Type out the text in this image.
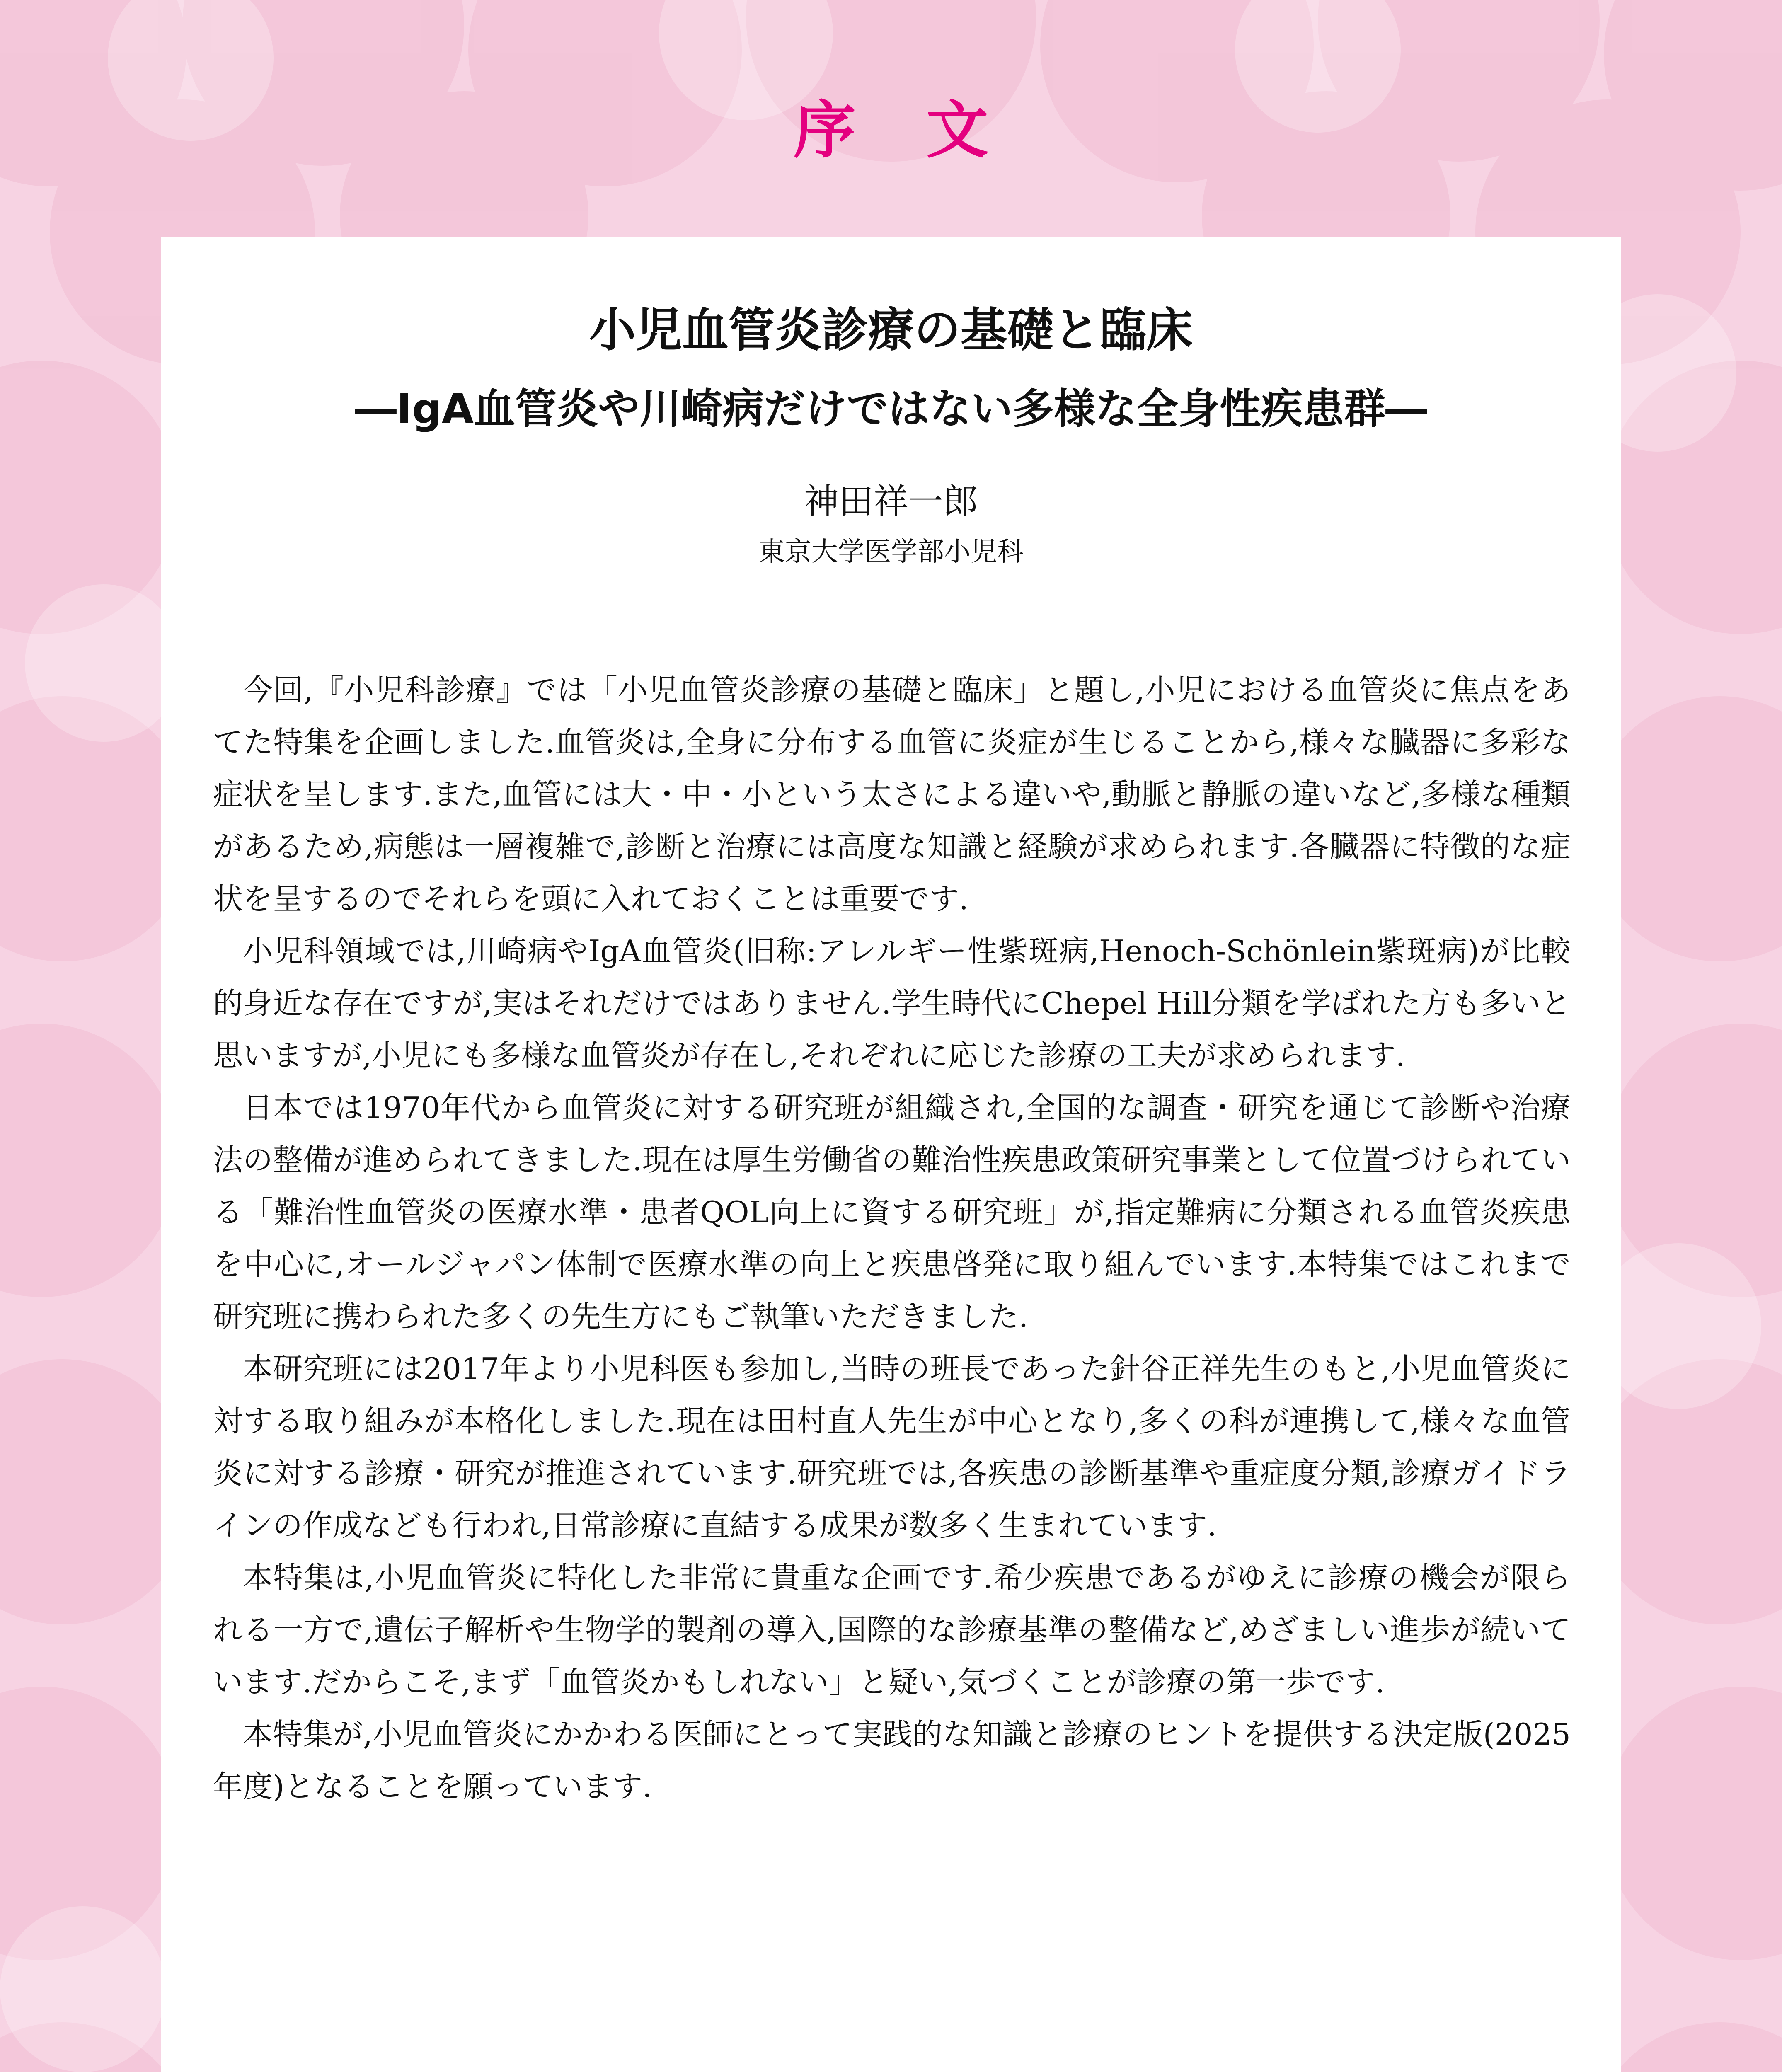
序文
小児血管炎診療の基礎と臨床
―IgA血管炎や川崎病だけではない多様な全身性疾患群―
神田祥一郎
東京大学医学部小児科

今回,『小児科診療』では「小児血管炎診療の基礎と臨床」と題し,小児における血管炎に焦点をあてた特集を企画しました.血管炎は,全身に分布する血管に炎症が生じることから,様々な臓器に多彩な症状を呈します.また,血管には大・中・小という太さによる違いや,動脈と静脈の違いなど,多様な種類があるため,病態は一層複雑で,診断と治療には高度な知識と経験が求められます.各臓器に特徴的な症状を呈するのでそれらを頭に入れておくことは重要です.

小児科領域では,川崎病やIgA血管炎(旧称:アレルギー性紫斑病,Henoch-Schönlein紫斑病)が比較的身近な存在ですが,実はそれだけではありません.学生時代にChepel Hill分類を学ばれた方も多いと思いますが,小児にも多様な血管炎が存在し,それぞれに応じた診療の工夫が求められます.

日本では1970年代から血管炎に対する研究班が組織され,全国的な調査・研究を通じて診断や治療法の整備が進められてきました.現在は厚生労働省の難治性疾患政策研究事業として位置づけられている「難治性血管炎の医療水準・患者QOL向上に資する研究班」が,指定難病に分類される血管炎疾患を中心に,オールジャパン体制で医療水準の向上と疾患啓発に取り組んでいます.本特集ではこれまで研究班に携わられた多くの先生方にもご執筆いただきました.

本研究班には2017年より小児科医も参加し,当時の班長であった針谷正祥先生のもと,小児血管炎に対する取り組みが本格化しました.現在は田村直人先生が中心となり,多くの科が連携して,様々な血管炎に対する診療・研究が推進されています.研究班では,各疾患の診断基準や重症度分類,診療ガイドラインの作成なども行われ,日常診療に直結する成果が数多く生まれています.

本特集は,小児血管炎に特化した非常に貴重な企画です.希少疾患であるがゆえに診療の機会が限られる一方で,遺伝子解析や生物学的製剤の導入,国際的な診療基準の整備など,めざましい進歩が続いています.だからこそ,まず「血管炎かもしれない」と疑い,気づくことが診療の第一歩です.

本特集が,小児血管炎にかかわる医師にとって実践的な知識と診療のヒントを提供する決定版(2025年度)となることを願っています.
